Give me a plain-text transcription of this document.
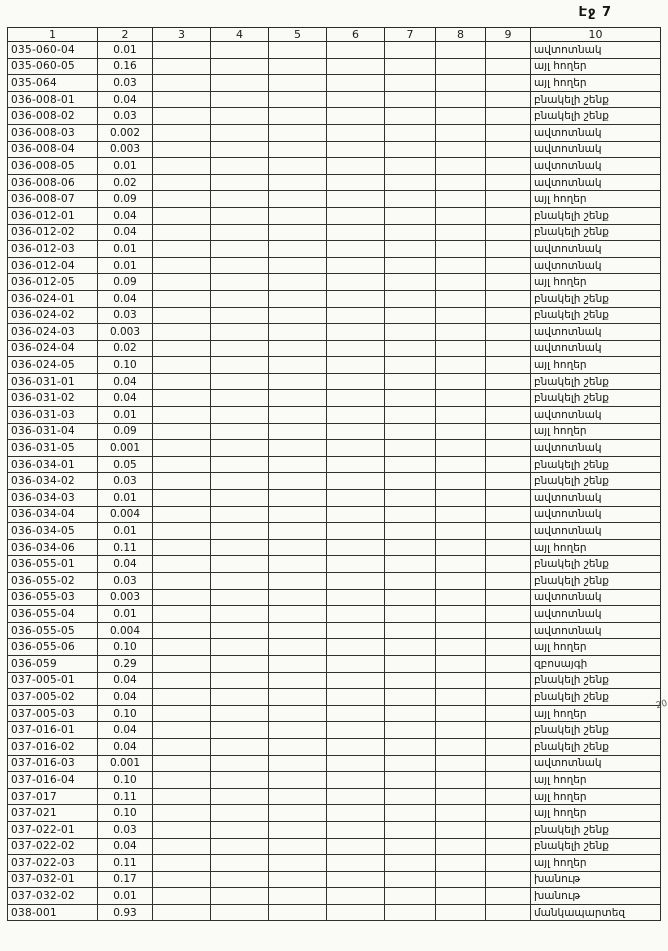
Էջ 7
1	2	3	4	5	6	7	8	9	10
035-060-04	0.01								ավտոտնակ
035-060-05	0.16								այլ հողեր
035-064	0.03								այլ հողեր
036-008-01	0.04								բնակելի շենք
036-008-02	0.03								բնակելի շենք
036-008-03	0.002								ավտոտնակ
036-008-04	0.003								ավտոտնակ
036-008-05	0.01								ավտոտնակ
036-008-06	0.02								ավտոտնակ
036-008-07	0.09								այլ հողեր
036-012-01	0.04								բնակելի շենք
036-012-02	0.04								բնակելի շենք
036-012-03	0.01								ավտոտնակ
036-012-04	0.01								ավտոտնակ
036-012-05	0.09								այլ հողեր
036-024-01	0.04								բնակելի շենք
036-024-02	0.03								բնակելի շենք
036-024-03	0.003								ավտոտնակ
036-024-04	0.02								ավտոտնակ
036-024-05	0.10								այլ հողեր
036-031-01	0.04								բնակելի շենք
036-031-02	0.04								բնակելի շենք
036-031-03	0.01								ավտոտնակ
036-031-04	0.09								այլ հողեր
036-031-05	0.001								ավտոտնակ
036-034-01	0.05								բնակելի շենք
036-034-02	0.03								բնակելի շենք
036-034-03	0.01								ավտոտնակ
036-034-04	0.004								ավտոտնակ
036-034-05	0.01								ավտոտնակ
036-034-06	0.11								այլ հողեր
036-055-01	0.04								բնակելի շենք
036-055-02	0.03								բնակելի շենք
036-055-03	0.003								ավտոտնակ
036-055-04	0.01								ավտոտնակ
036-055-05	0.004								ավտոտնակ
036-055-06	0.10								այլ հողեր
036-059	0.29								զբոսայգի
037-005-01	0.04								բնակելի շենք
037-005-02	0.04								բնակելի շենք
037-005-03	0.10								այլ հողեր
037-016-01	0.04								բնակելի շենք
037-016-02	0.04								բնակելի շենք
037-016-03	0.001								ավտոտնակ
037-016-04	0.10								այլ հողեր
037-017	0.11								այլ հողեր
037-021	0.10								այլ հողեր
037-022-01	0.03								բնակելի շենք
037-022-02	0.04								բնակելի շենք
037-022-03	0.11								այլ հողեր
037-032-01	0.17								խանութ
037-032-02	0.01								խանութ
038-001	0.93								մանկապարտեզ
20
